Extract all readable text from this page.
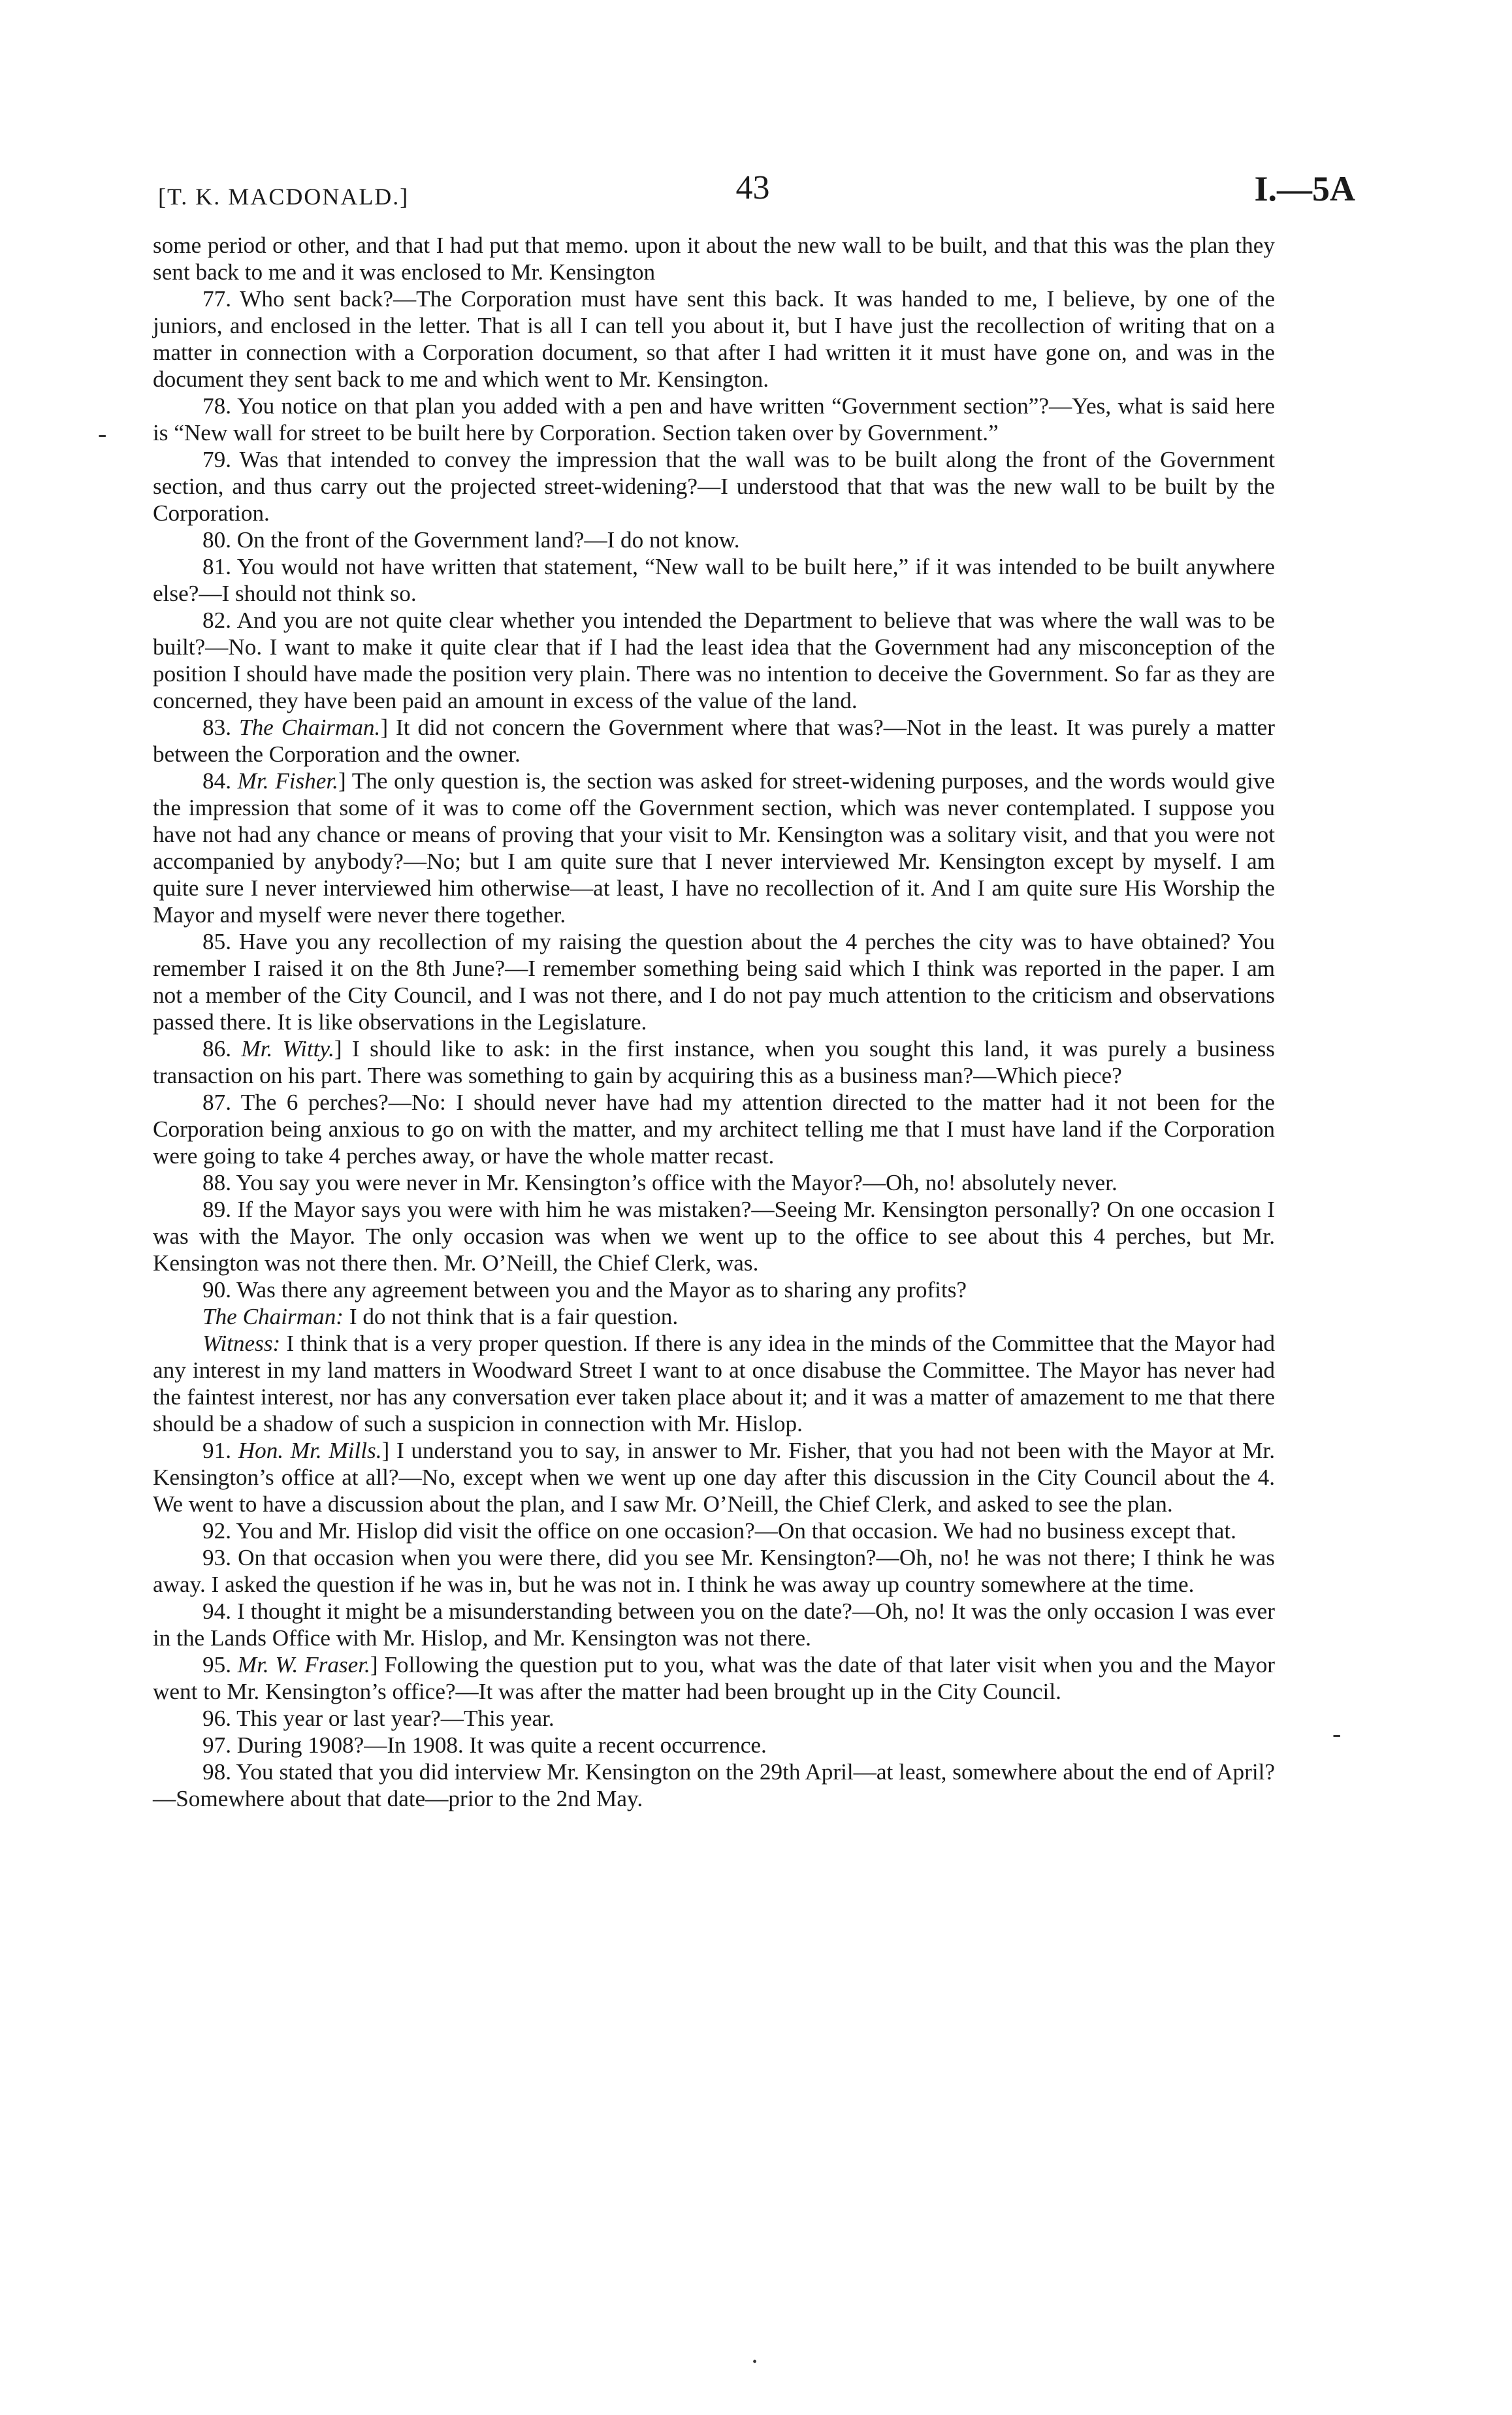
[T. K. MACDONALD.]	43	I.—5A
-
-
•

some period or other, and that I had put that memo. upon it about the new wall to be built, and that this was the plan they sent back to me and it was enclosed to Mr. Kensington

77. Who sent back?—The Corporation must have sent this back. It was handed to me, I believe, by one of the juniors, and enclosed in the letter. That is all I can tell you about it, but I have just the recollection of writing that on a matter in connection with a Corporation document, so that after I had written it it must have gone on, and was in the document they sent back to me and which went to Mr. Kensington.

78. You notice on that plan you added with a pen and have written “Government section”?—Yes, what is said here is “New wall for street to be built here by Corporation. Section taken over by Government.”

79. Was that intended to convey the impression that the wall was to be built along the front of the Government section, and thus carry out the projected street-widening?—I understood that that was the new wall to be built by the Corporation.

80. On the front of the Government land?—I do not know.

81. You would not have written that statement, “New wall to be built here,” if it was intended to be built anywhere else?—I should not think so.

82. And you are not quite clear whether you intended the Department to believe that was where the wall was to be built?—No. I want to make it quite clear that if I had the least idea that the Government had any misconception of the position I should have made the position very plain. There was no intention to deceive the Government. So far as they are concerned, they have been paid an amount in excess of the value of the land.

83. The Chairman.] It did not concern the Government where that was?—Not in the least. It was purely a matter between the Corporation and the owner.

84. Mr. Fisher.] The only question is, the section was asked for street-widening purposes, and the words would give the impression that some of it was to come off the Government section, which was never contemplated. I suppose you have not had any chance or means of proving that your visit to Mr. Kensington was a solitary visit, and that you were not accompanied by anybody?—No; but I am quite sure that I never interviewed Mr. Kensington except by myself. I am quite sure I never interviewed him otherwise—at least, I have no recollection of it. And I am quite sure His Worship the Mayor and myself were never there together.

85. Have you any recollection of my raising the question about the 4 perches the city was to have obtained? You remember I raised it on the 8th June?—I remember something being said which I think was reported in the paper. I am not a member of the City Council, and I was not there, and I do not pay much attention to the criticism and observations passed there. It is like observations in the Legislature.

86. Mr. Witty.] I should like to ask: in the first instance, when you sought this land, it was purely a business transaction on his part. There was something to gain by acquiring this as a business man?—Which piece?

87. The 6 perches?—No: I should never have had my attention directed to the matter had it not been for the Corporation being anxious to go on with the matter, and my architect telling me that I must have land if the Corporation were going to take 4 perches away, or have the whole matter recast.

88. You say you were never in Mr. Kensington’s office with the Mayor?—Oh, no! absolutely never.

89. If the Mayor says you were with him he was mistaken?—Seeing Mr. Kensington personally? On one occasion I was with the Mayor. The only occasion was when we went up to the office to see about this 4 perches, but Mr. Kensington was not there then. Mr. O’Neill, the Chief Clerk, was.

90. Was there any agreement between you and the Mayor as to sharing any profits?

The Chairman: I do not think that is a fair question.

Witness: I think that is a very proper question. If there is any idea in the minds of the Committee that the Mayor had any interest in my land matters in Woodward Street I want to at once disabuse the Committee. The Mayor has never had the faintest interest, nor has any conversation ever taken place about it; and it was a matter of amazement to me that there should be a shadow of such a suspicion in connection with Mr. Hislop.

91. Hon. Mr. Mills.] I understand you to say, in answer to Mr. Fisher, that you had not been with the Mayor at Mr. Kensington’s office at all?—No, except when we went up one day after this discussion in the City Council about the 4. We went to have a discussion about the plan, and I saw Mr. O’Neill, the Chief Clerk, and asked to see the plan.

92. You and Mr. Hislop did visit the office on one occasion?—On that occasion. We had no business except that.

93. On that occasion when you were there, did you see Mr. Kensington?—Oh, no! he was not there; I think he was away. I asked the question if he was in, but he was not in. I think he was away up country somewhere at the time.

94. I thought it might be a misunderstanding between you on the date?—Oh, no! It was the only occasion I was ever in the Lands Office with Mr. Hislop, and Mr. Kensington was not there.

95. Mr. W. Fraser.] Following the question put to you, what was the date of that later visit when you and the Mayor went to Mr. Kensington’s office?—It was after the matter had been brought up in the City Council.

96. This year or last year?—This year.

97. During 1908?—In 1908. It was quite a recent occurrence.

98. You stated that you did interview Mr. Kensington on the 29th April—at least, somewhere about the end of April?—Somewhere about that date—prior to the 2nd May.
